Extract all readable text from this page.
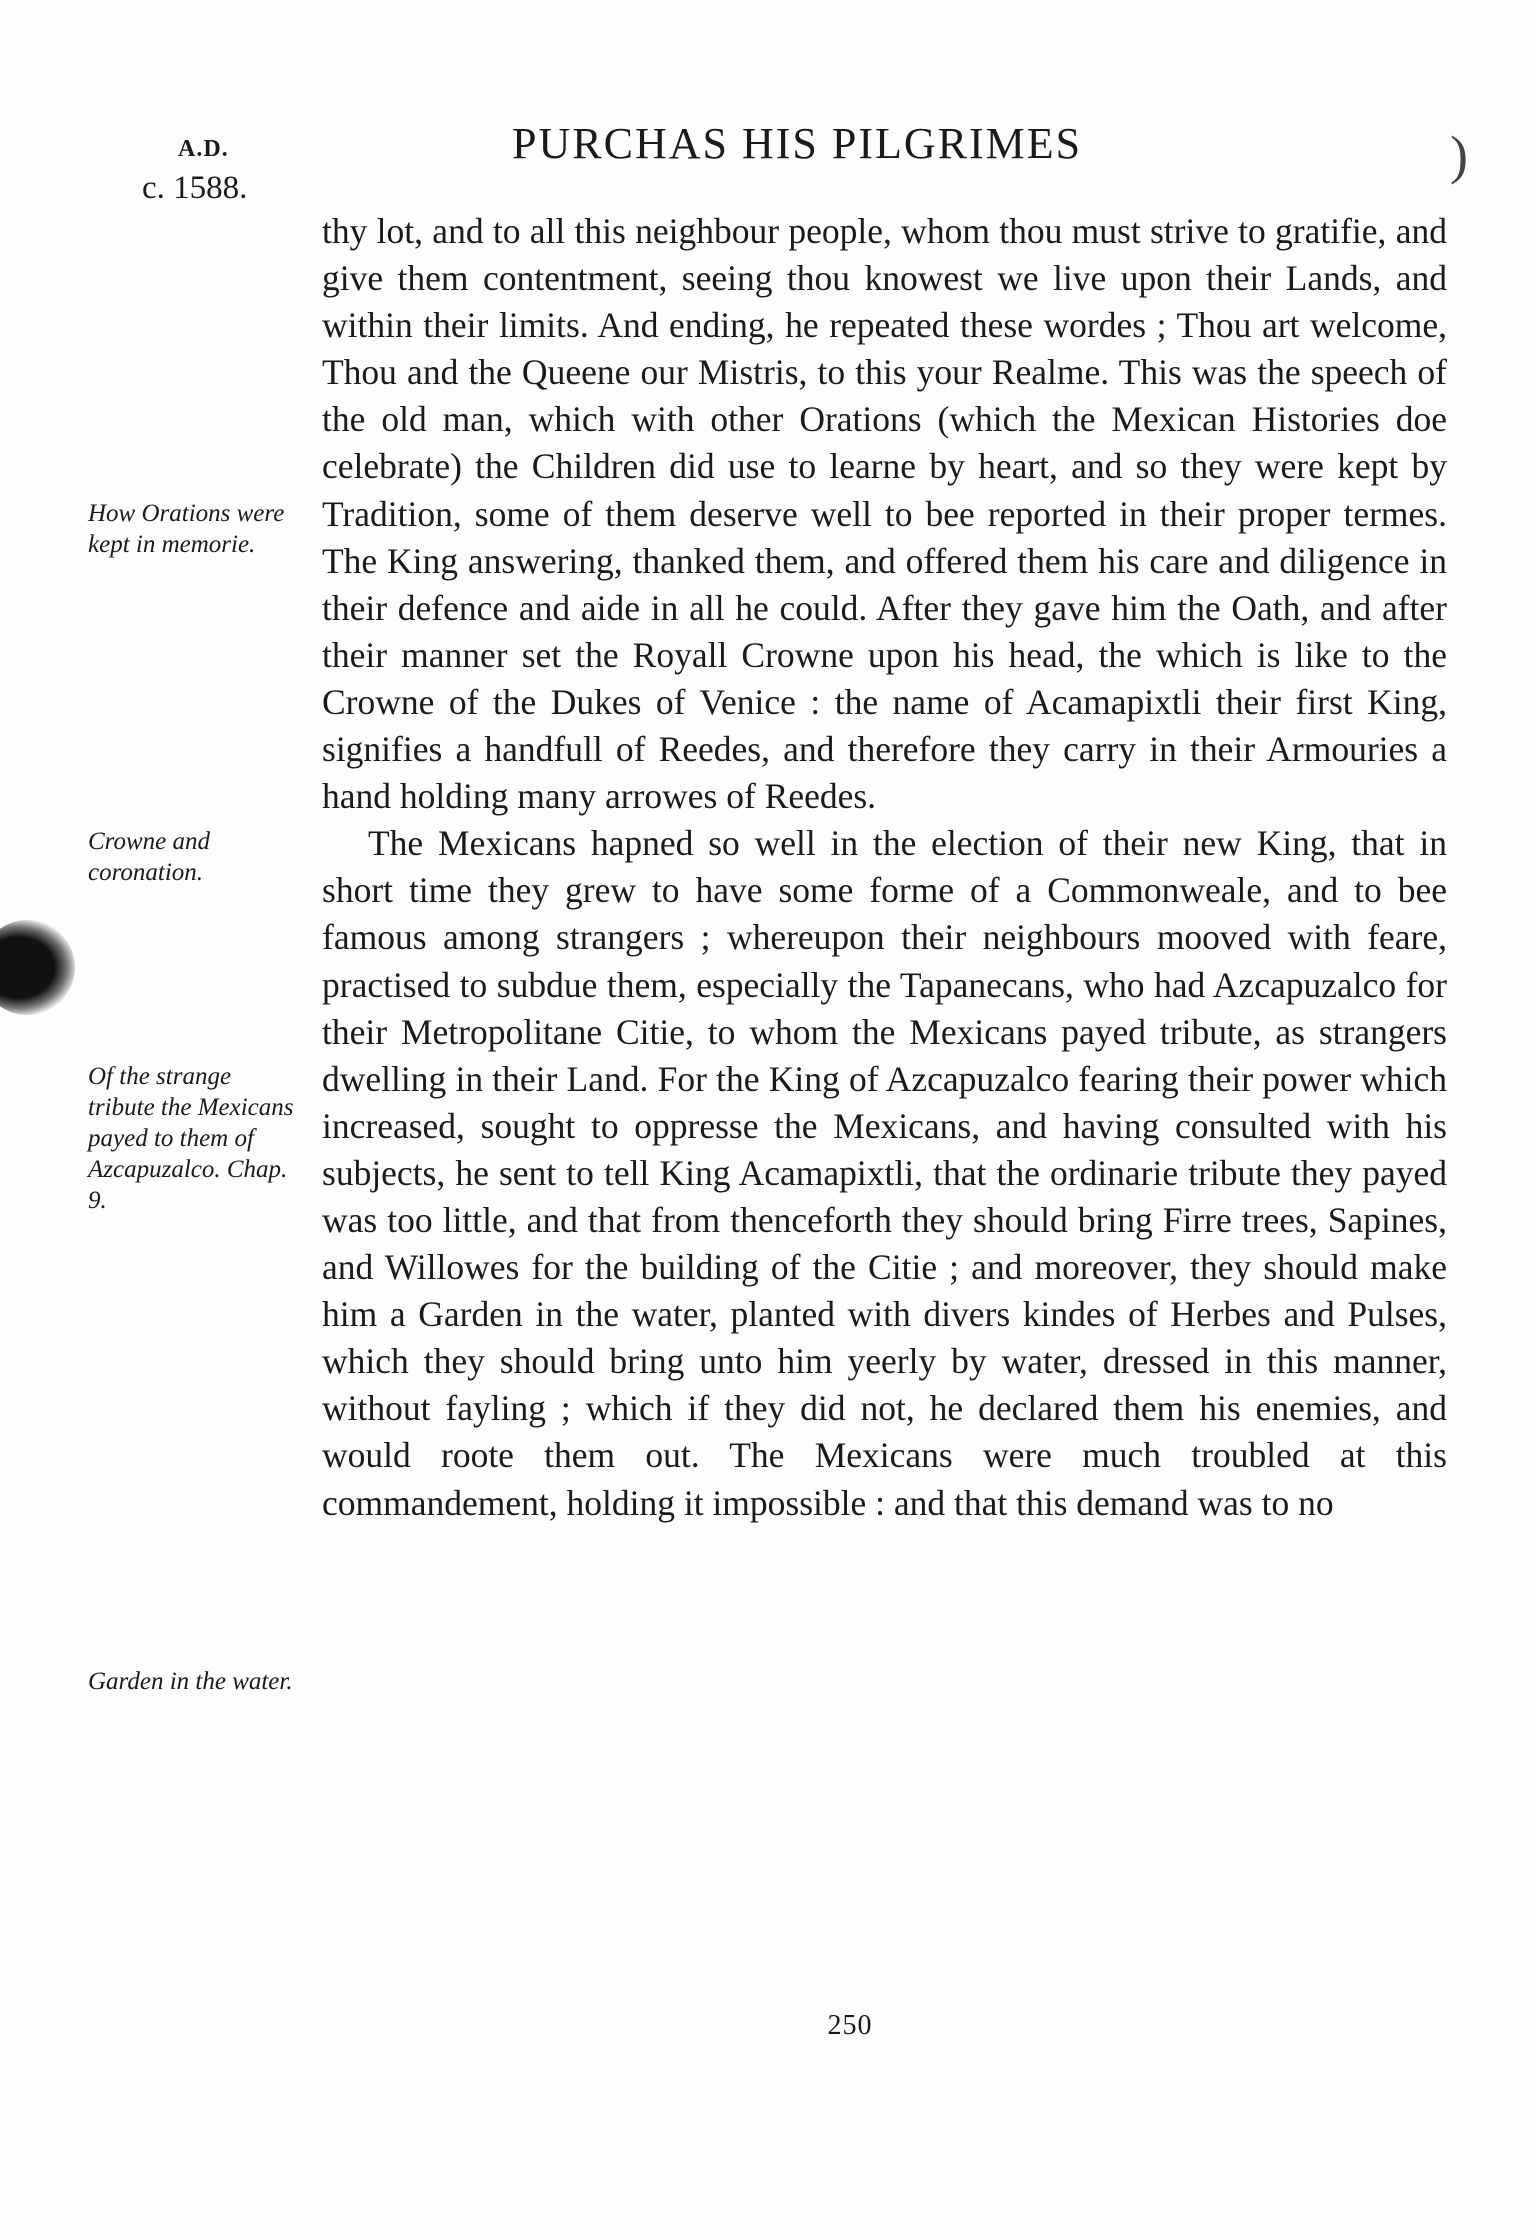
A.D.
c. 1588.
PURCHAS HIS PILGRIMES	)
How Orations were kept in memorie.
Crowne and coronation.
Of the strange tribute the Mexicans payed to them of Azcapuzalco. Chap. 9.
Garden in the water.

thy lot, and to all this neighbour people, whom thou must strive to gratifie, and give them contentment, seeing thou knowest we live upon their Lands, and within their limits. And ending, he repeated these wordes ; Thou art welcome, Thou and the Queene our Mistris, to this your Realme. This was the speech of the old man, which with other Orations (which the Mexican Histories doe celebrate) the Children did use to learne by heart, and so they were kept by Tradition, some of them deserve well to bee reported in their proper termes. The King answering, thanked them, and offered them his care and diligence in their defence and aide in all he could. After they gave him the Oath, and after their manner set the Royall Crowne upon his head, the which is like to the Crowne of the Dukes of Venice : the name of Acamapixtli their first King, signifies a handfull of Reedes, and therefore they carry in their Armouries a hand holding many arrowes of Reedes.

The Mexicans hapned so well in the election of their new King, that in short time they grew to have some forme of a Commonweale, and to bee famous among strangers ; whereupon their neighbours mooved with feare, practised to subdue them, especially the Tapanecans, who had Azcapuzalco for their Metropolitane Citie, to whom the Mexicans payed tribute, as strangers dwelling in their Land. For the King of Azcapuzalco fearing their power which increased, sought to oppresse the Mexicans, and having consulted with his subjects, he sent to tell King Acamapixtli, that the ordinarie tribute they payed was too little, and that from thenceforth they should bring Firre trees, Sapines, and Willowes for the building of the Citie ; and moreover, they should make him a Garden in the water, planted with divers kindes of Herbes and Pulses, which they should bring unto him yeerly by water, dressed in this manner, without fayling ; which if they did not, he declared them his enemies, and would roote them out. The Mexicans were much troubled at this commandement, holding it impossible : and that this demand was to no

250
